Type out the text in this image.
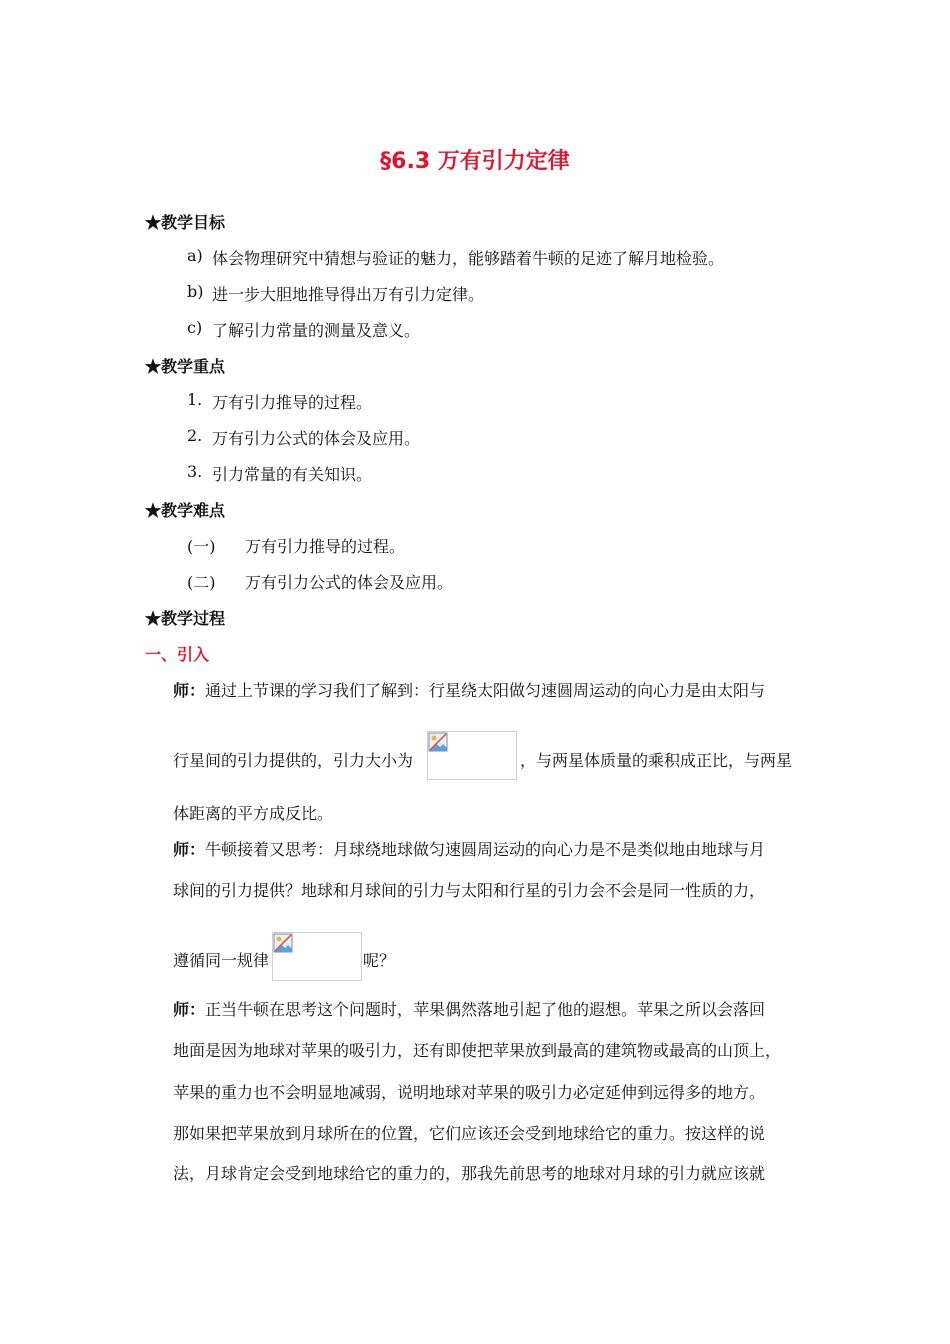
§6.3 万有引力定律
★教学目标
a) 体会物理研究中猜想与验证的魅力，能够踏着牛顿的足迹了解月地检验。
b) 进一步大胆地推导得出万有引力定律。
c) 了解引力常量的测量及意义。
★教学重点
1. 万有引力推导的过程。
2. 万有引力公式的体会及应用。
3. 引力常量的有关知识。
★教学难点
(一) 万有引力推导的过程。
(二) 万有引力公式的体会及应用。
★教学过程
一、引入
师：通过上节课的学习我们了解到：行星绕太阳做匀速圆周运动的向心力是由太阳与
行星间的引力提供的，引力大小为	，与两星体质量的乘积成正比，与两星
体距离的平方成反比。
师：牛顿接着又思考：月球绕地球做匀速圆周运动的向心力是不是类似地由地球与月
球间的引力提供？地球和月球间的引力与太阳和行星的引力会不会是同一性质的力，
遵循同一规律	呢？
师：正当牛顿在思考这个问题时，苹果偶然落地引起了他的遐想。苹果之所以会落回
地面是因为地球对苹果的吸引力，还有即使把苹果放到最高的建筑物或最高的山顶上，
苹果的重力也不会明显地减弱，说明地球对苹果的吸引力必定延伸到远得多的地方。
那如果把苹果放到月球所在的位置，它们应该还会受到地球给它的重力。按这样的说
法，月球肯定会受到地球给它的重力的，那我先前思考的地球对月球的引力就应该就
